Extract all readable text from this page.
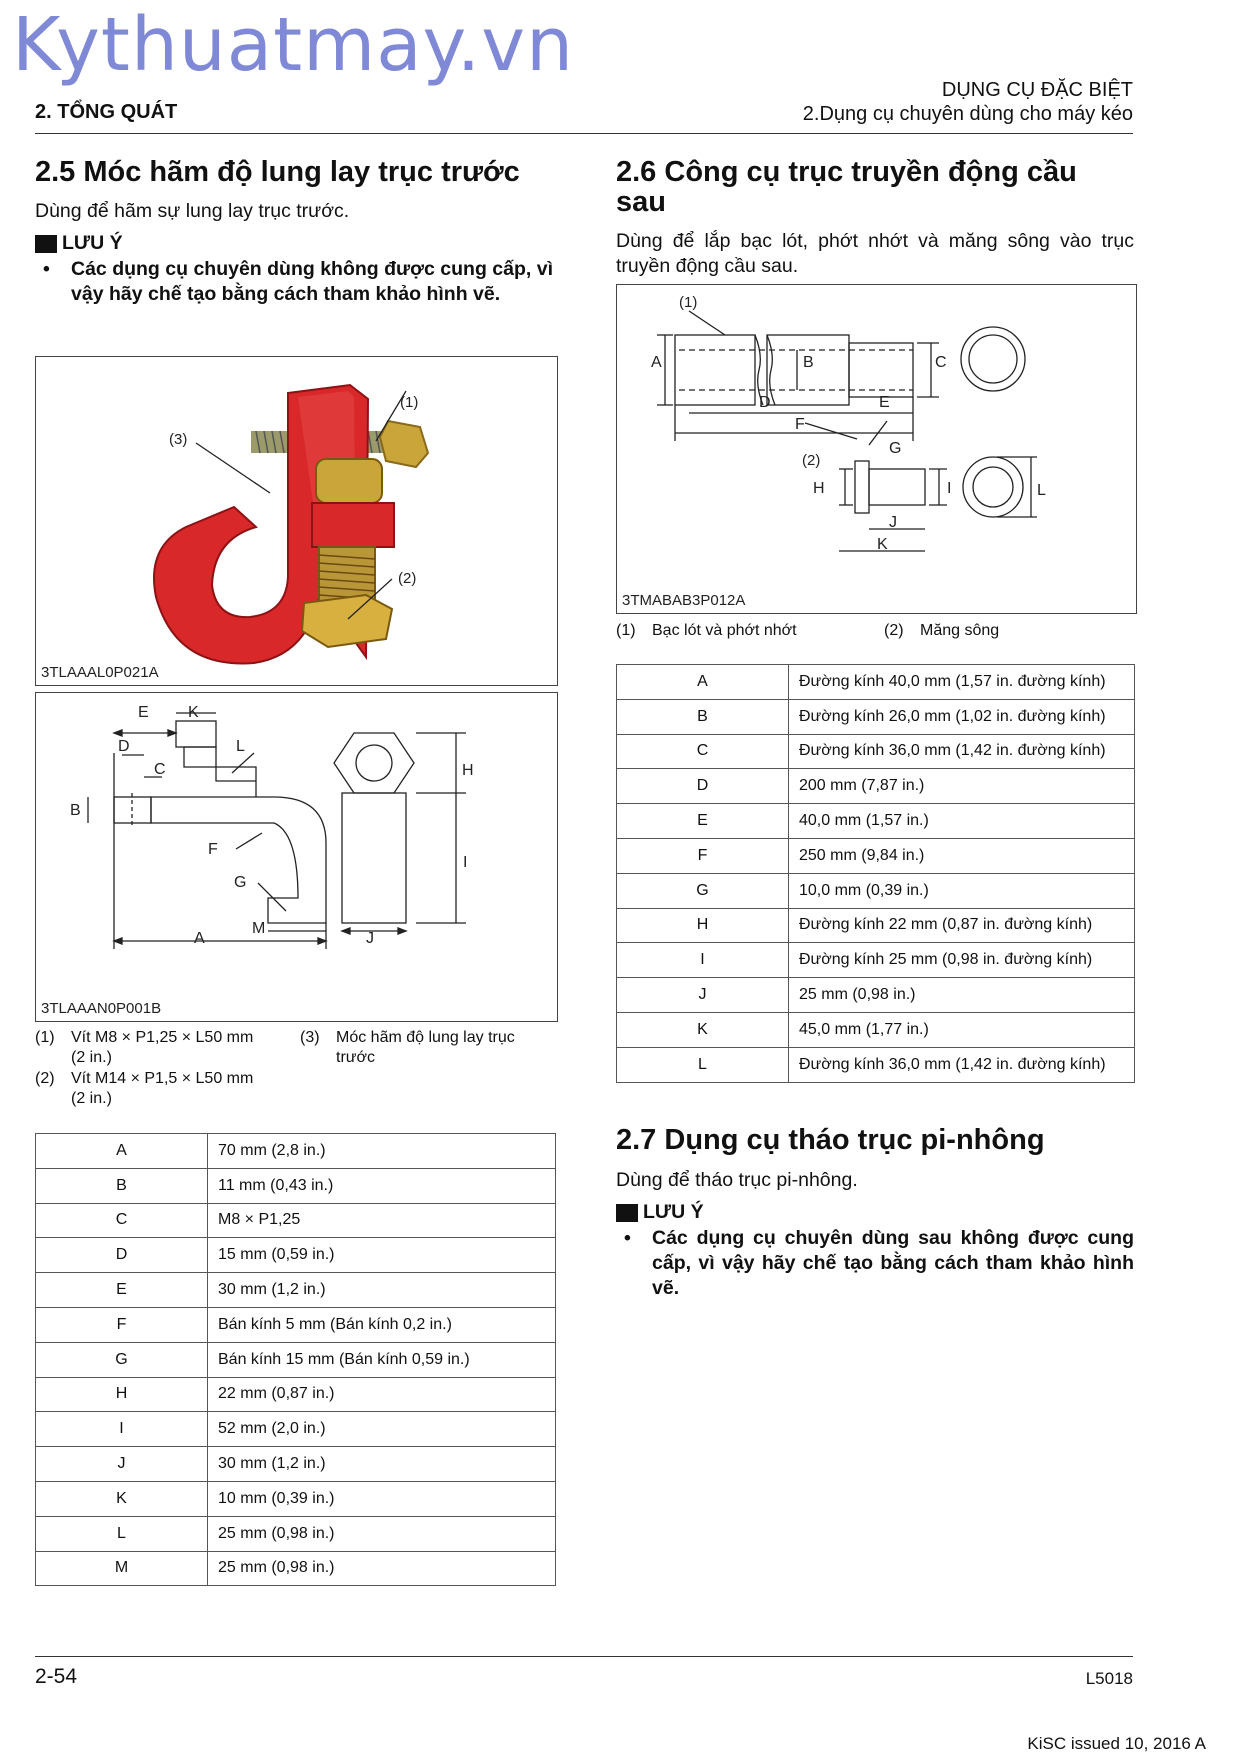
Kythuatmay.vn
2. TỔNG QUÁT
DỤNG CỤ ĐẶC BIỆT
2.Dụng cụ chuyên dùng cho máy kéo
2.5 Móc hãm độ lung lay trục trước
Dùng để hãm sự lung lay trục trước.
LƯU Ý
• Các dụng cụ chuyên dùng không được cung cấp, vì vậy hãy chế tạo bằng cách tham khảo hình vẽ.
(1)
(2)
(3)
3TLAAAL0P021A
A
B
C
D
E
F
G
H
I
J
K
L
M
3TLAAAN0P001B
(1)	Vít M8 × P1,25 × L50 mm (2 in.)
(2)	Vít M14 × P1,5 × L50 mm (2 in.)
(3)	Móc hãm độ lung lay trục trước
A	70 mm (2,8 in.)
B	11 mm (0,43 in.)
C	M8 × P1,25
D	15 mm (0,59 in.)
E	30 mm (1,2 in.)
F	Bán kính 5 mm (Bán kính 0,2 in.)
G	Bán kính 15 mm (Bán kính 0,59 in.)
H	22 mm (0,87 in.)
I	52 mm (2,0 in.)
J	30 mm (1,2 in.)
K	10 mm (0,39 in.)
L	25 mm (0,98 in.)
M	25 mm (0,98 in.)
2.6 Công cụ trục truyền động cầu
sau
Dùng để lắp bạc lót, phớt nhớt và măng sông vào trục truyền động cầu sau.
A	B	C
D	E
F
G
H	I
J
K
L
(1)
(2)
3TMABAB3P012A
(1)	Bạc lót và phớt nhớt	(2)	Măng sông
A	Đường kính 40,0 mm (1,57 in. đường kính)
B	Đường kính 26,0 mm (1,02 in. đường kính)
C	Đường kính 36,0 mm (1,42 in. đường kính)
D	200 mm (7,87 in.)
E	40,0 mm (1,57 in.)
F	250 mm (9,84 in.)
G	10,0 mm (0,39 in.)
H	Đường kính 22 mm (0,87 in. đường kính)
I	Đường kính 25 mm (0,98 in. đường kính)
J	25 mm (0,98 in.)
K	45,0 mm (1,77 in.)
L	Đường kính 36,0 mm (1,42 in. đường kính)
2.7 Dụng cụ tháo trục pi-nhông
Dùng để tháo trục pi-nhông.
LƯU Ý
• Các dụng cụ chuyên dùng sau không được cung cấp, vì vậy hãy chế tạo bằng cách tham khảo hình vẽ.
2-54	L5018
KiSC issued 10, 2016 A
